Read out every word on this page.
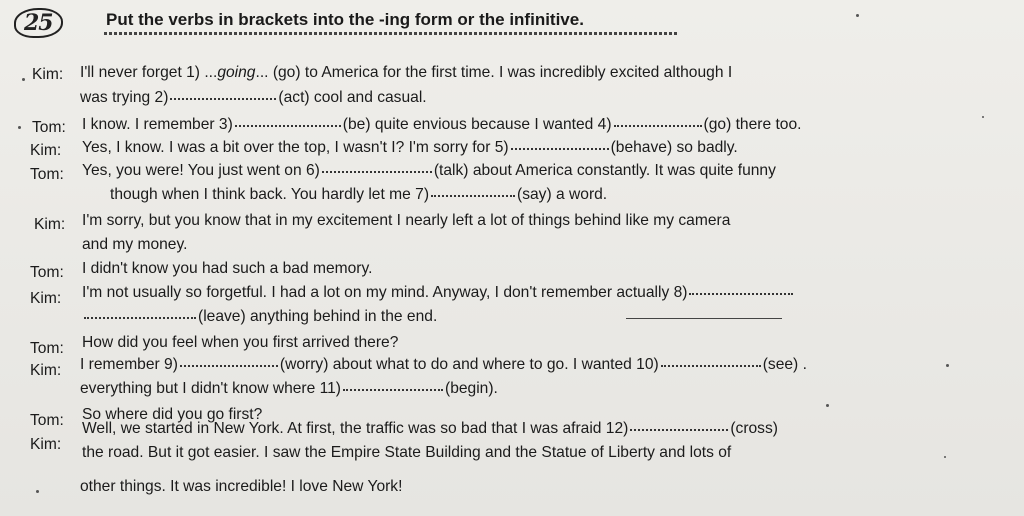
25	Put the verbs in brackets into the -ing form or the infinitive.
Kim: I'll never forget 1) ...going... (go) to America for the first time. I was incredibly excited although I
was trying 2)	(act) cool and casual.
Tom: I know. I remember 3)	(be) quite envious because I wanted 4)	(go) there too.
Kim: Yes, I know. I was a bit over the top, I wasn't I? I'm sorry for 5)	(behave) so badly.
Tom: Yes, you were! You just went on 6)	(talk) about America constantly. It was quite funny
though when I think back. You hardly let me 7)	(say) a word.
Kim: I'm sorry, but you know that in my excitement I nearly left a lot of things behind like my camera
and my money.
Tom: I didn't know you had such a bad memory.
Kim: I'm not usually so forgetful. I had a lot on my mind. Anyway, I don't remember actually 8)
(leave) anything behind in the end.
Tom: How did you feel when you first arrived there?
Kim: I remember 9)	(worry) about what to do and where to go. I wanted 10)	(see) .
everything but I didn't know where 11)	(begin).
Tom: So where did you go first?
Kim:
Well, we started in New York. At first, the traffic was so bad that I was afraid 12)	(cross)
the road. But it got easier. I saw the Empire State Building and the Statue of Liberty and lots of
other things. It was incredible! I love New York!
